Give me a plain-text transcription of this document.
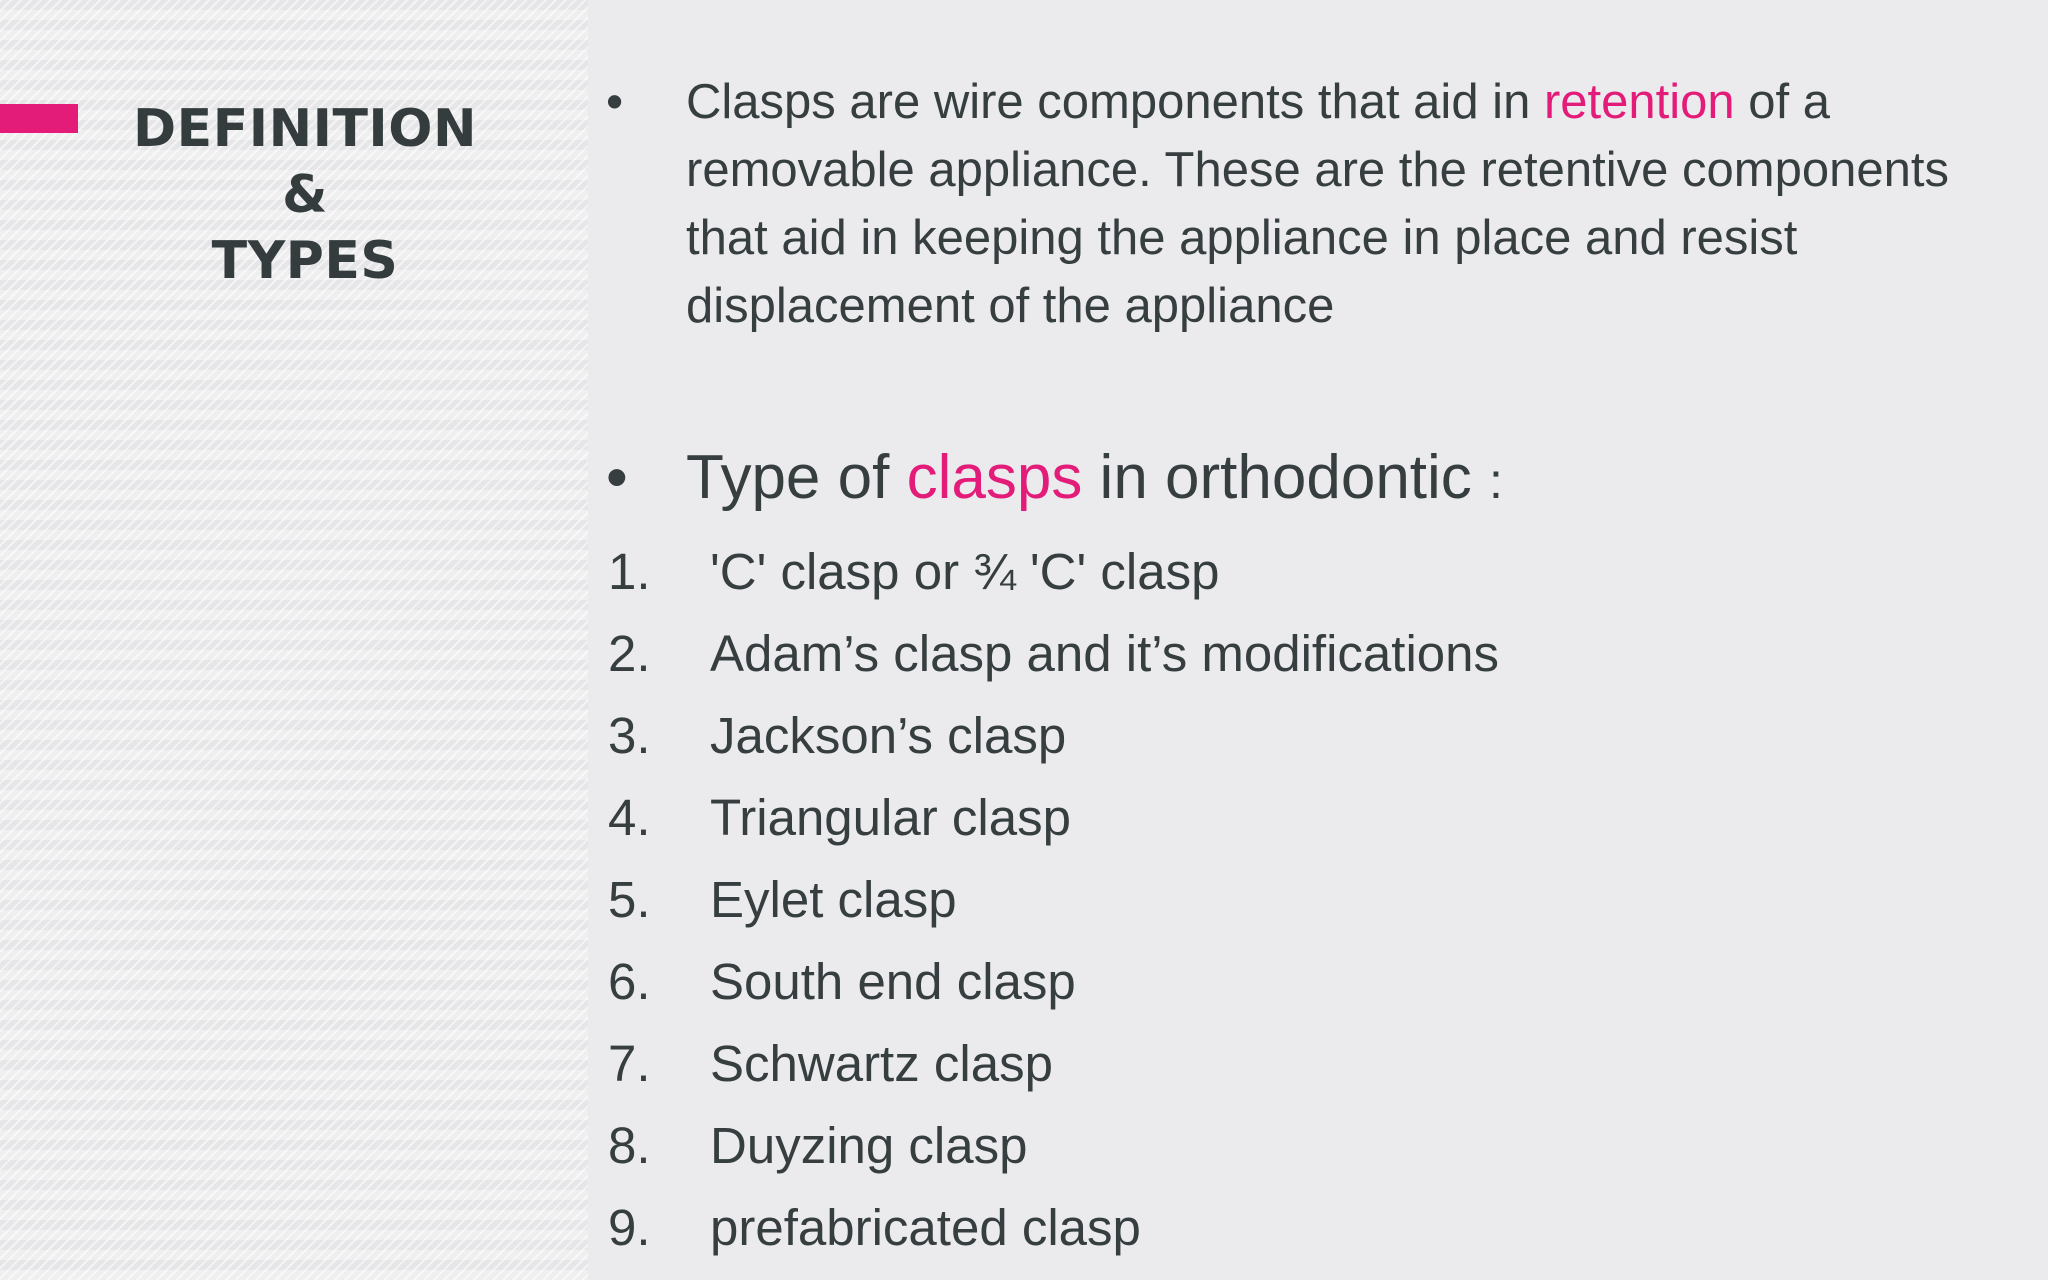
DEFINITION
&
TYPES
•	Clasps are wire components that aid in retention of a removable appliance. These are the retentive components that aid in keeping the appliance in place and resist displacement of the appliance
• Type of clasps in orthodontic :
1.	'C' clasp or ¾ 'C' clasp
2.	Adam’s clasp and it’s modifications
3.	Jackson’s clasp
4.	Triangular clasp
5.	Eylet clasp
6.	South end clasp
7.	Schwartz clasp
8.	Duyzing clasp
9.	prefabricated clasp
